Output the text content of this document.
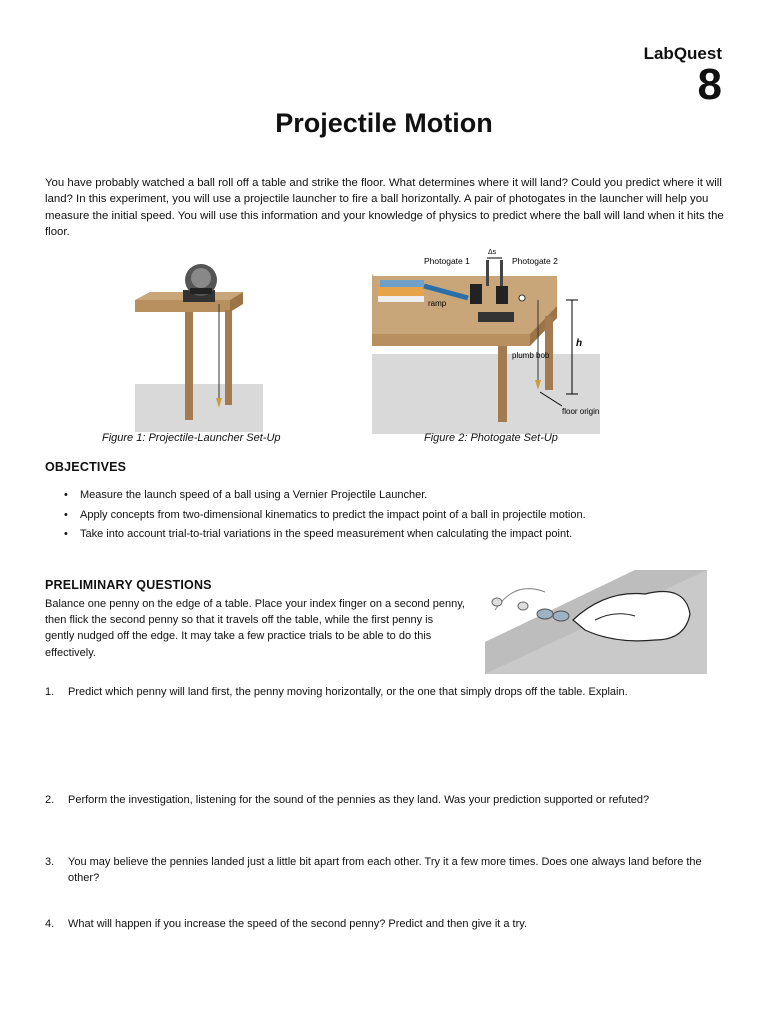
LabQuest
8
Projectile Motion
You have probably watched a ball roll off a table and strike the floor. What determines where it will land? Could you predict where it will land? In this experiment, you will use a projectile launcher to fire a ball horizontally. A pair of photogates in the launcher will help you measure the initial speed. You will use this information and your knowledge of physics to predict where the ball will land when it hits the floor.
Figure 1: Projectile-Launcher Set-Up
Photogate 1	Photogate 2
Δs
ramp
h
plumb bob
floor origin
Figure 2: Photogate Set-Up
OBJECTIVES
• Measure the launch speed of a ball using a Vernier Projectile Launcher.
• Apply concepts from two-dimensional kinematics to predict the impact point of a ball in projectile motion.
• Take into account trial-to-trial variations in the speed measurement when calculating the impact point.
PRELIMINARY QUESTIONS
Balance one penny on the edge of a table. Place your index finger on a second penny, then flick the second penny so that it travels off the table, while the first penny is gently nudged off the edge. It may take a few practice trials to be able to do this effectively.
1. Predict which penny will land first, the penny moving horizontally, or the one that simply drops off the table. Explain.
2. Perform the investigation, listening for the sound of the pennies as they land. Was your prediction supported or refuted?
3. You may believe the pennies landed just a little bit apart from each other. Try it a few more times. Does one always land before the other?
4. What will happen if you increase the speed of the second penny? Predict and then give it a try.
